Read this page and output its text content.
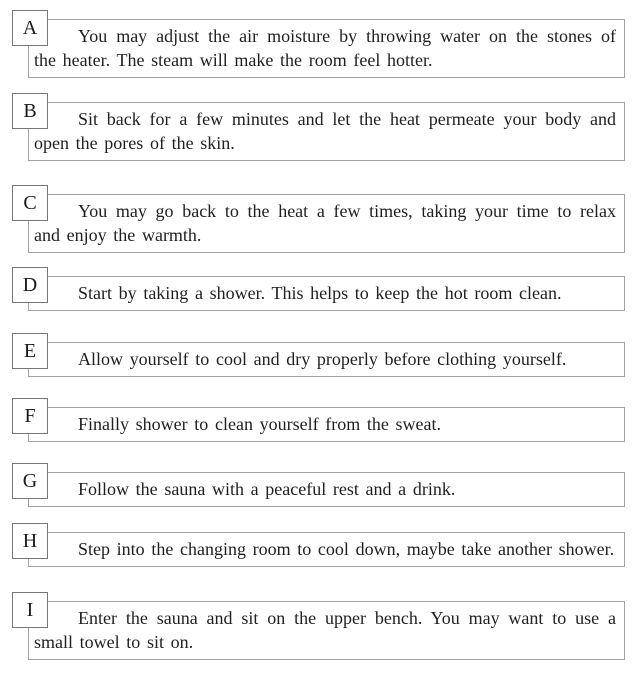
A	You may adjust the air moisture by throwing water on the stones of the heater. The steam will make the room feel hotter.

B	Sit back for a few minutes and let the heat permeate your body and open the pores of the skin.

C	You may go back to the heat a few times, taking your time to relax and enjoy the warmth.

D	Start by taking a shower. This helps to keep the hot room clean.

E	Allow yourself to cool and dry properly before clothing yourself.

F	Finally shower to clean yourself from the sweat.

G	Follow the sauna with a peaceful rest and a drink.

H	Step into the changing room to cool down, maybe take another shower.

I	Enter the sauna and sit on the upper bench. You may want to use a small towel to sit on.
